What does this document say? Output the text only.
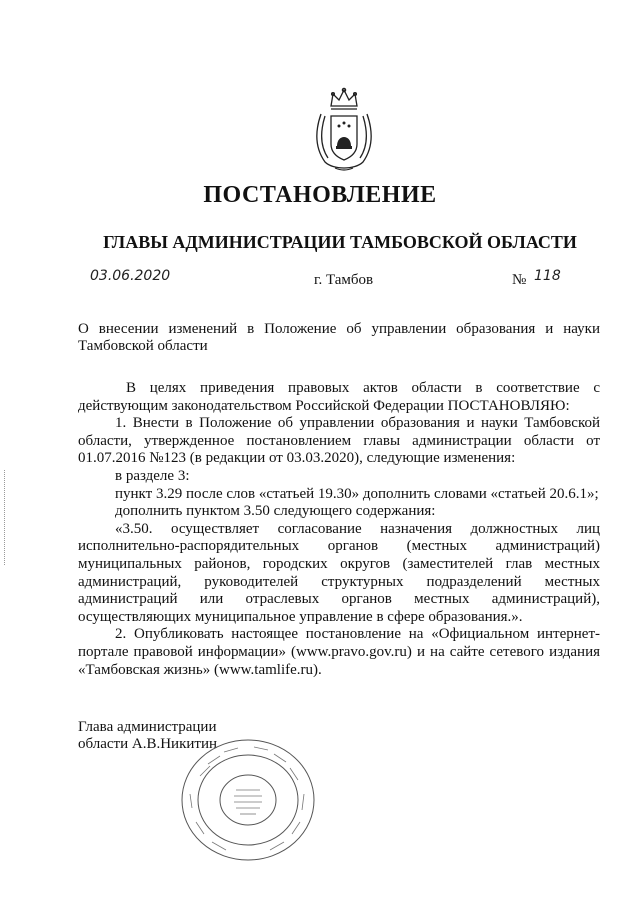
ПОСТАНОВЛЕНИЕ
ГЛАВЫ АДМИНИСТРАЦИИ ТАМБОВСКОЙ ОБЛАСТИ
03.06.2020	г. Тамбов	№ 118
О внесении изменений в Положение об управлении образования и науки Тамбовской области

В целях приведения правовых актов области в соответствие с действующим законодательством Российской Федерации ПОСТАНОВЛЯЮ:

1. Внести в Положение об управлении образования и науки Тамбовской области, утвержденное постановлением главы администрации области от 01.07.2016 №123 (в редакции от 03.03.2020), следующие изменения:

в разделе 3:

пункт 3.29 после слов «статьей 19.30» дополнить словами «статьей 20.6.1»;

дополнить пунктом 3.50 следующего содержания:

«3.50. осуществляет согласование назначения должностных лиц исполнительно-распорядительных органов (местных администраций) муниципальных районов, городских округов (заместителей глав местных администраций, руководителей структурных подразделений местных администраций или отраслевых органов местных администраций), осуществляющих муниципальное управление в сфере образования.».

2. Опубликовать настоящее постановление на «Официальном интернет-портале правовой информации» (www.pravo.gov.ru) и на сайте сетевого издания «Тамбовская жизнь» (www.tamlife.ru).

Глава администрации
области А.В.Никитин
